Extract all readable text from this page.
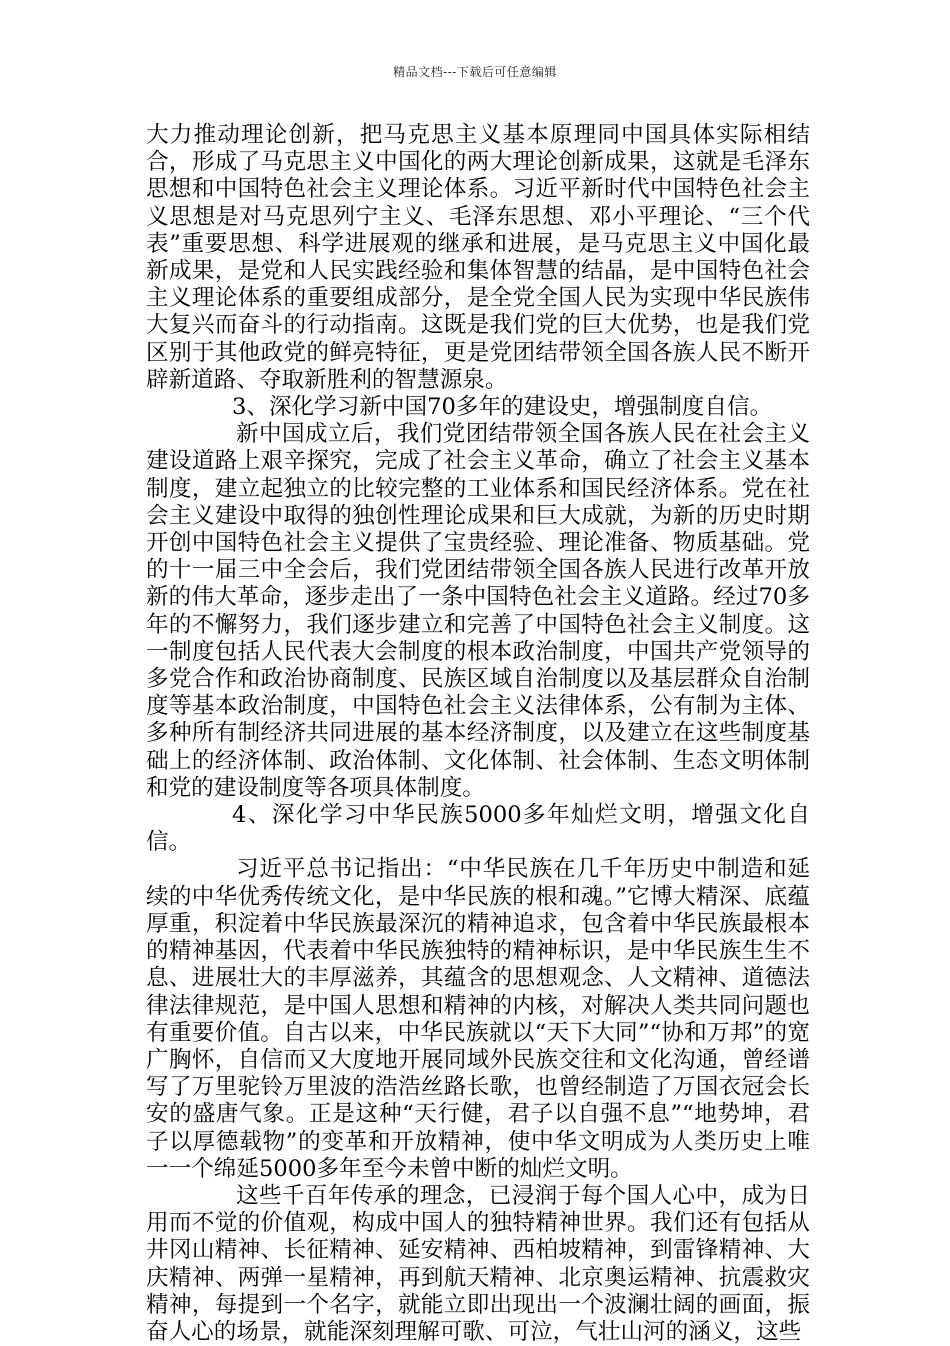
精品文档---下载后可任意编辑

大力推动理论创新，把马克思主义基本原理同中国具体实际相结合，形成了马克思主义中国化的两大理论创新成果，这就是毛泽东思想和中国特色社会主义理论体系。习近平新时代中国特色社会主义思想是对马克思列宁主义、毛泽东思想、邓小平理论、“三个代表”重要思想、科学进展观的继承和进展，是马克思主义中国化最新成果，是党和人民实践经验和集体智慧的结晶，是中国特色社会主义理论体系的重要组成部分，是全党全国人民为实现中华民族伟大复兴而奋斗的行动指南。这既是我们党的巨大优势，也是我们党区别于其他政党的鲜亮特征，更是党团结带领全国各族人民不断开辟新道路、夺取新胜利的智慧源泉。

3、深化学习新中国70多年的建设史，增强制度自信。

新中国成立后，我们党团结带领全国各族人民在社会主义建设道路上艰辛探究，完成了社会主义革命，确立了社会主义基本制度，建立起独立的比较完整的工业体系和国民经济体系。党在社会主义建设中取得的独创性理论成果和巨大成就，为新的历史时期开创中国特色社会主义提供了宝贵经验、理论准备、物质基础。党的十一届三中全会后，我们党团结带领全国各族人民进行改革开放新的伟大革命，逐步走出了一条中国特色社会主义道路。经过70多年的不懈努力，我们逐步建立和完善了中国特色社会主义制度。这一制度包括人民代表大会制度的根本政治制度，中国共产党领导的多党合作和政治协商制度、民族区域自治制度以及基层群众自治制度等基本政治制度，中国特色社会主义法律体系，公有制为主体、多种所有制经济共同进展的基本经济制度，以及建立在这些制度基础上的经济体制、政治体制、文化体制、社会体制、生态文明体制和党的建设制度等各项具体制度。

4、深化学习中华民族5000多年灿烂文明，增强文化自信。

习近平总书记指出：“中华民族在几千年历史中制造和延续的中华优秀传统文化，是中华民族的根和魂。”它博大精深、底蕴厚重，积淀着中华民族最深沉的精神追求，包含着中华民族最根本的精神基因，代表着中华民族独特的精神标识，是中华民族生生不息、进展壮大的丰厚滋养，其蕴含的思想观念、人文精神、道德法律法律规范，是中国人思想和精神的内核，对解决人类共同问题也有重要价值。自古以来，中华民族就以“天下大同”“协和万邦”的宽广胸怀，自信而又大度地开展同域外民族交往和文化沟通，曾经谱写了万里驼铃万里波的浩浩丝路长歌，也曾经制造了万国衣冠会长安的盛唐气象。正是这种“天行健，君子以自强不息”“地势坤，君子以厚德载物”的变革和开放精神，使中华文明成为人类历史上唯一一个绵延5000多年至今未曾中断的灿烂文明。

这些千百年传承的理念，已浸润于每个国人心中，成为日用而不觉的价值观，构成中国人的独特精神世界。我们还有包括从井冈山精神、长征精神、延安精神、西柏坡精神，到雷锋精神、大庆精神、两弹一星精神，再到航天精神、北京奥运精神、抗震救灾精神，每提到一个名字，就能立即出现出一个波澜壮阔的画面，振奋人心的场景，就能深刻理解可歌、可泣，气壮山河的涵义，这些
